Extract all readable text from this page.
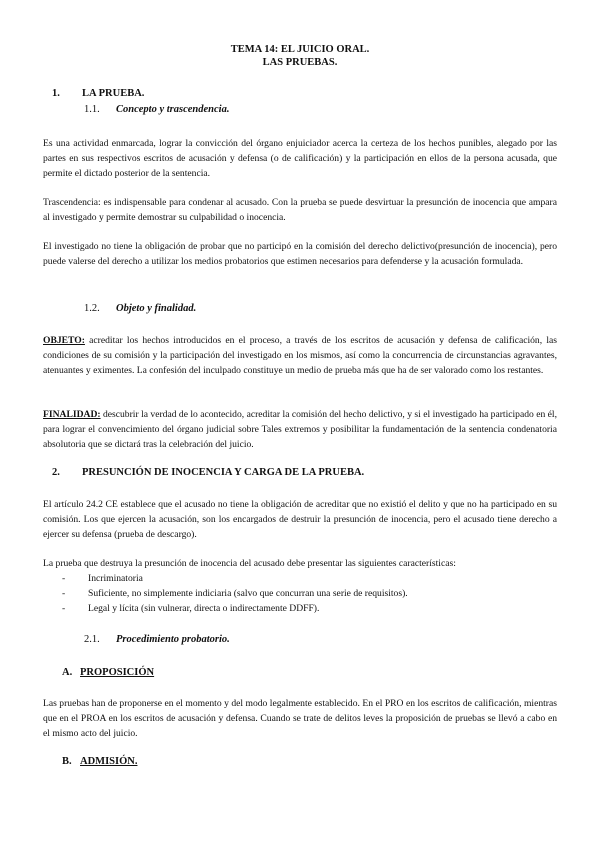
TEMA 14: EL JUICIO ORAL.
LAS PRUEBAS.
1. LA PRUEBA.
1.1. Concepto y trascendencia.
Es una actividad enmarcada, lograr la convicción del órgano enjuiciador acerca la certeza de los hechos punibles, alegado por las partes en sus respectivos escritos de acusación y defensa (o de calificación) y la participación en ellos de la persona acusada, que permite el dictado posterior de la sentencia.
Trascendencia: es indispensable para condenar al acusado. Con la prueba se puede desvirtuar la presunción de inocencia que ampara al investigado y permite demostrar su culpabilidad o inocencia.
El investigado no tiene la obligación de probar que no participó en la comisión del derecho delictivo(presunción de inocencia), pero puede valerse del derecho a utilizar los medios probatorios que estimen necesarios para defenderse y la acusación formulada.
1.2. Objeto y finalidad.
OBJETO: acreditar los hechos introducidos en el proceso, a través de los escritos de acusación y defensa de calificación, las condiciones de su comisión y la participación del investigado en los mismos, así como la concurrencia de circunstancias agravantes, atenuantes y eximentes. La confesión del inculpado constituye un medio de prueba más que ha de ser valorado como los restantes.
FINALIDAD: descubrir la verdad de lo acontecido, acreditar la comisión del hecho delictivo, y si el investigado ha participado en él, para lograr el convencimiento del órgano judicial sobre Tales extremos y posibilitar la fundamentación de la sentencia condenatoria absolutoria que se dictará tras la celebración del juicio.
2. PRESUNCIÓN DE INOCENCIA Y CARGA DE LA PRUEBA.
El artículo 24.2 CE establece que el acusado no tiene la obligación de acreditar que no existió el delito y que no ha participado en su comisión. Los que ejercen la acusación, son los encargados de destruir la presunción de inocencia, pero el acusado tiene derecho a ejercer su defensa (prueba de descargo).
La prueba que destruya la presunción de inocencia del acusado debe presentar las siguientes características:
- Incriminatoria
- Suficiente, no simplemente indiciaria (salvo que concurran una serie de requisitos).
- Legal y lícita (sin vulnerar, directa o indirectamente DDFF).
2.1. Procedimiento probatorio.
A. PROPOSICIÓN
Las pruebas han de proponerse en el momento y del modo legalmente establecido. En el PRO en los escritos de calificación, mientras que en el PROA en los escritos de acusación y defensa. Cuando se trate de delitos leves la proposición de pruebas se llevó a cabo en el mismo acto del juicio.
B. ADMISIÓN.
